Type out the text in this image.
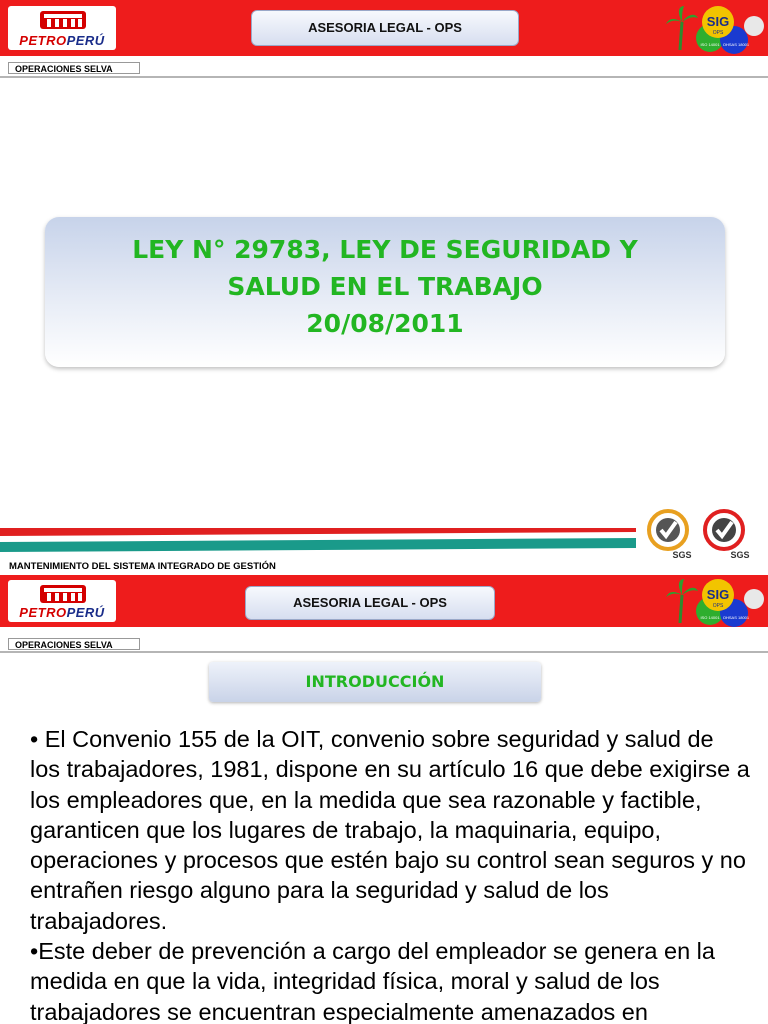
PETROPERÚ
ASESORIA LEGAL - OPS	SIG
OPS
ISO 14001 OHSAS 18001
OPERACIONES SELVA
LEY N° 29783, LEY DE SEGURIDAD Y
SALUD EN EL TRABAJO
20/08/2011
SGS	SGS
MANTENIMIENTO DEL SISTEMA INTEGRADO DE GESTIÓN
PETROPERÚ
ASESORIA LEGAL - OPS
SIG
OPS
ISO 14001 OHSAS 18001
OPERACIONES SELVA
INTRODUCCIÓN

• El Convenio 155 de la OIT, convenio sobre seguridad y salud de los trabajadores, 1981, dispone en su artículo 16 que debe exigirse a los empleadores que, en la medida que sea razonable y factible, garanticen que los lugares de trabajo, la maquinaria, equipo, operaciones y procesos que estén bajo su control sean seguros y no entrañen riesgo alguno para la seguridad y salud de los trabajadores.

•Este deber de prevención a cargo del empleador se genera en la medida en que la vida, integridad física, moral y salud de los trabajadores se encuentran especialmente amenazados en
